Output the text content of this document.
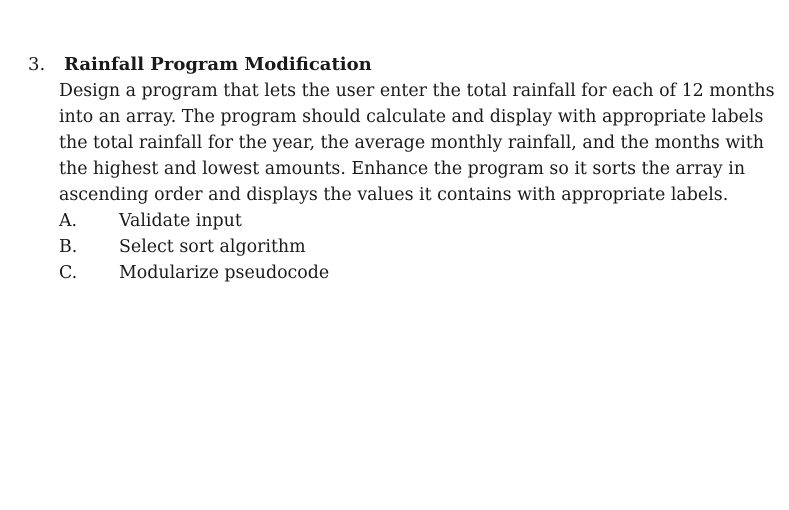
3. Rainfall Program Modification

Design a program that lets the user enter the total rainfall for each of 12 months into an array. The program should calculate and display with appropriate labels the total rainfall for the year, the average monthly rainfall, and the months with the highest and lowest amounts. Enhance the program so it sorts the array in ascending order and displays the values it contains with appropriate labels.

A.	Validate input
B.	Select sort algorithm
C.	Modularize pseudocode
